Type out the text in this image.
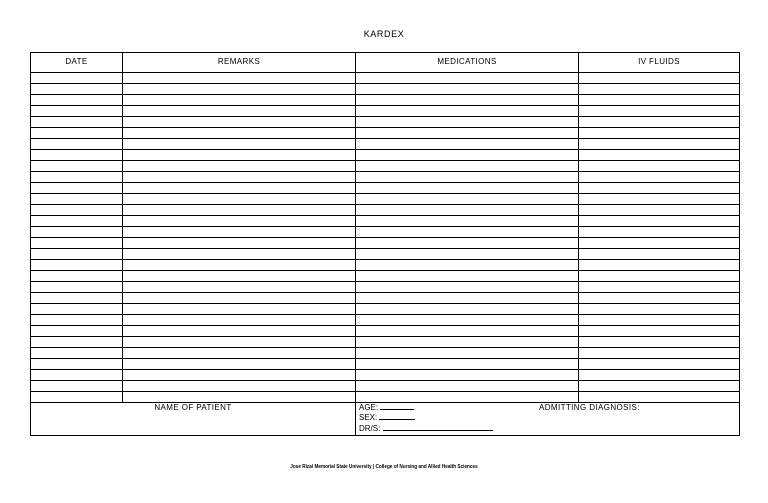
KARDEX
DATE	REMARKS	MEDICATIONS	IV FLUIDS
NAME OF PATIENT	AGE:
SEX:
DR/S:
ADMITTING DIAGNOSIS:
Jose Rizal Memorial State University | College of Nursing and Allied Health Sciences
